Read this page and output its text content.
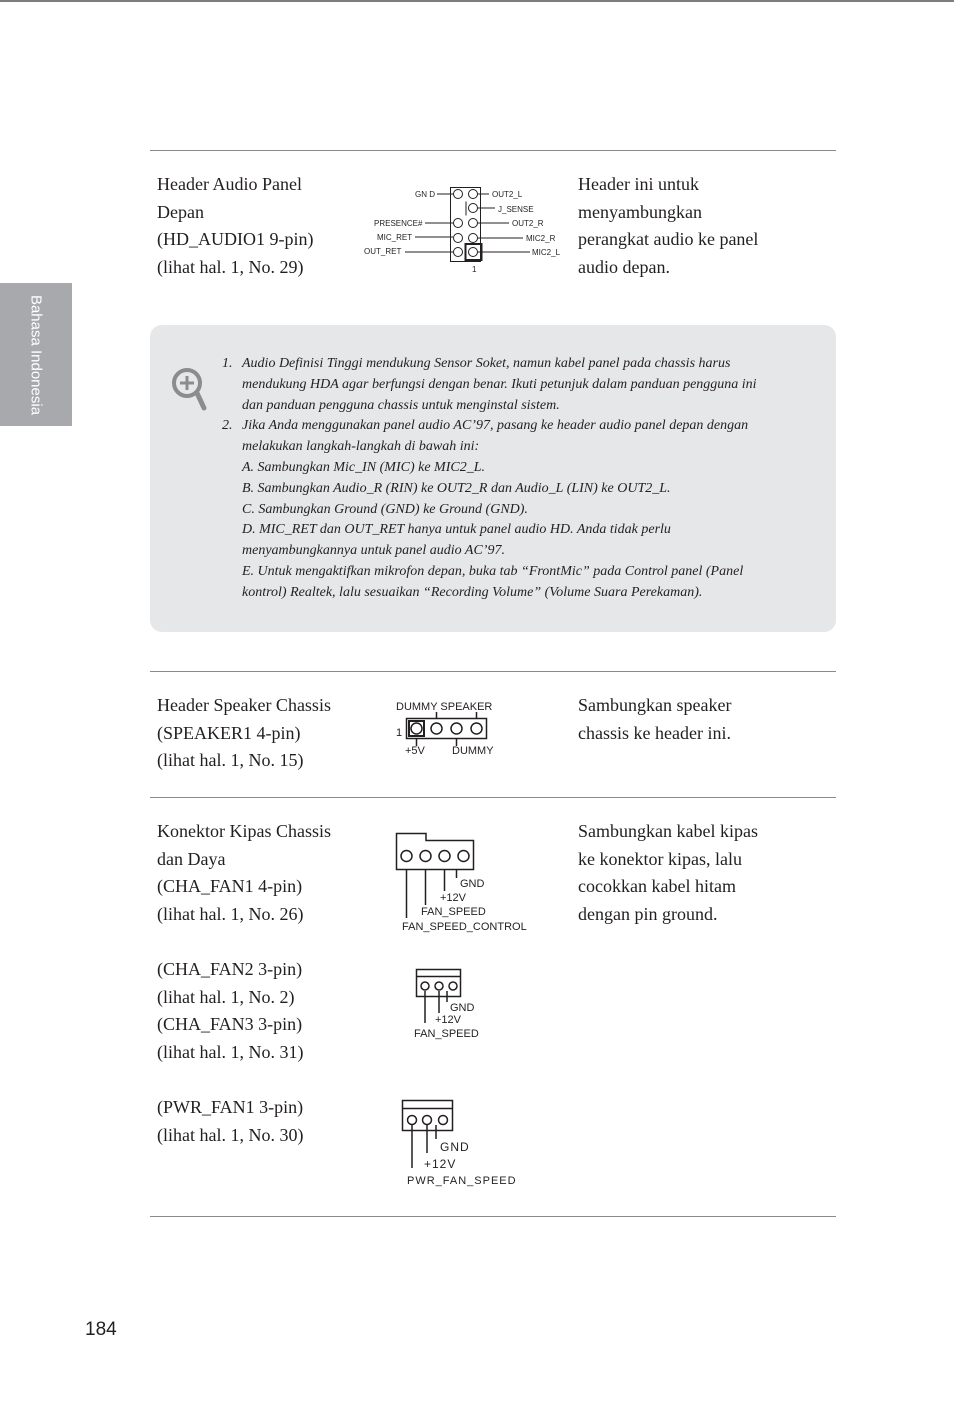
Bahasa Indonesia
Header Audio Panel
Depan
(HD_AUDIO1 9-pin)
(lihat hal. 1, No. 29)
GN D
PRESENCE#
MIC_RET
OUT_RET
OUT2_L
J_SENSE
OUT2_R
MIC2_R
MIC2_L
1
Header ini untuk
menyambungkan
perangkat audio ke panel
audio depan.
1. Audio Definisi Tinggi mendukung Sensor Soket, namun kabel panel pada chassis harus
mendukung HDA agar berfungsi dengan benar. Ikuti petunjuk dalam panduan pengguna ini
dan panduan pengguna chassis untuk menginstal sistem.
2. Jika Anda menggunakan panel audio AC’97, pasang ke header audio panel depan dengan
melakukan langkah-langkah di bawah ini:
A. Sambungkan Mic_IN (MIC) ke MIC2_L.
B. Sambungkan Audio_R (RIN) ke OUT2_R dan Audio_L (LIN) ke OUT2_L.
C. Sambungkan Ground (GND) ke Ground (GND).
D. MIC_RET dan OUT_RET hanya untuk panel audio HD. Anda tidak perlu
menyambungkannya untuk panel audio AC’97.
E. Untuk mengaktifkan mikrofon depan, buka tab “FrontMic” pada Control panel (Panel
kontrol) Realtek, lalu sesuaikan “Recording Volume” (Volume Suara Perekaman).
Header Speaker Chassis
(SPEAKER1 4-pin)
(lihat hal. 1, No. 15)
DUMMY SPEAKER
1
+5V DUMMY
Sambungkan speaker
chassis ke header ini.
Konektor Kipas Chassis
dan Daya
(CHA_FAN1 4-pin)
(lihat hal. 1, No. 26)
(CHA_FAN2 3-pin)
(lihat hal. 1, No. 2)
(CHA_FAN3 3-pin)
(lihat hal. 1, No. 31)
(PWR_FAN1 3-pin)
(lihat hal. 1, No. 30)
Sambungkan kabel kipas
ke konektor kipas, lalu
cocokkan kabel hitam
dengan pin ground.
GND
+12V
FAN_SPEED
FAN_SPEED_CONTROL
GND
+12V
FAN_SPEED
GND
+12V
PWR_FAN_SPEED
184
